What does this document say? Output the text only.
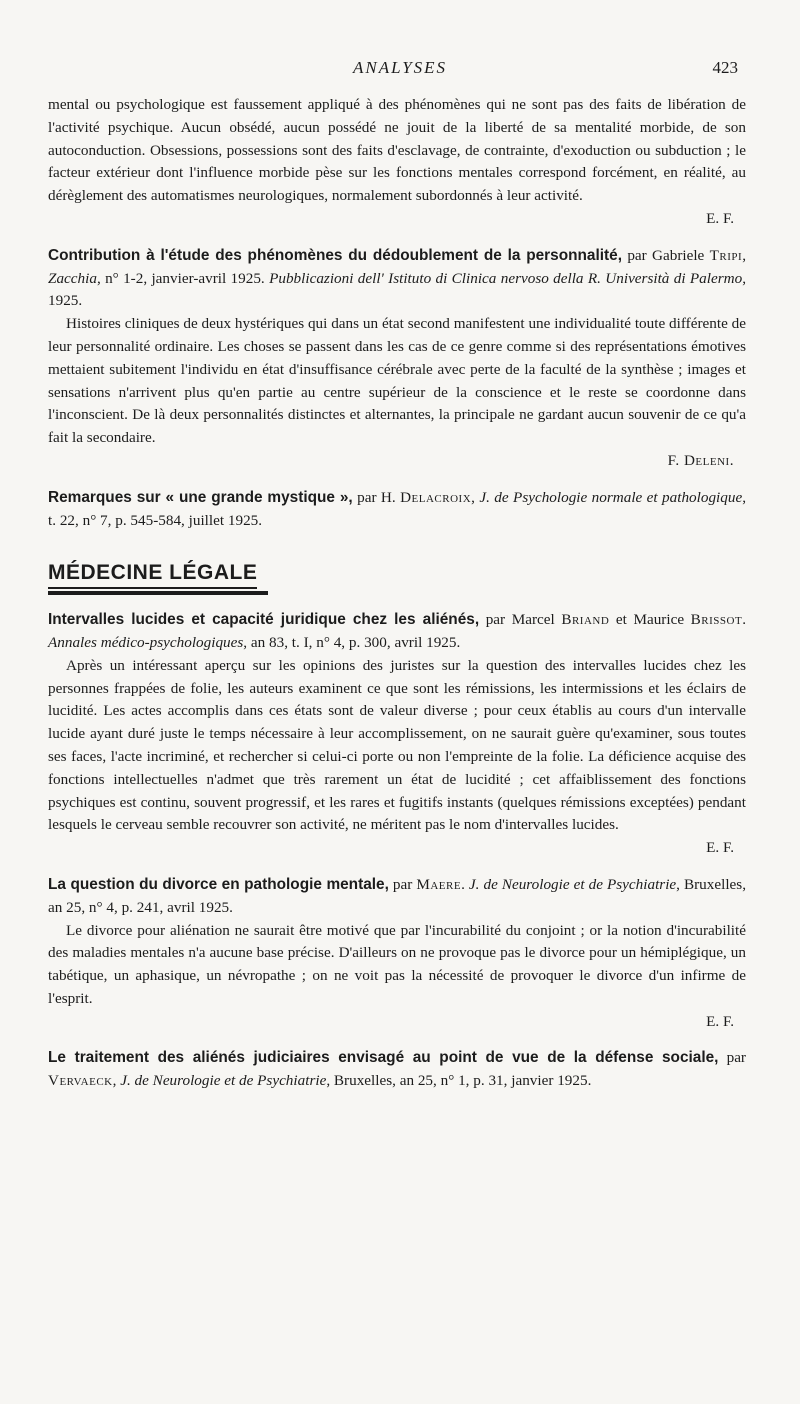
ANALYSES	423

mental ou psychologique est faussement appliqué à des phénomènes qui ne sont pas des faits de libération de l'activité psychique. Aucun obsédé, aucun possédé ne jouit de la liberté de sa mentalité morbide, de son autoconduction. Obsessions, possessions sont des faits d'esclavage, de contrainte, d'exoduction ou subduction ; le facteur extérieur dont l'influence morbide pèse sur les fonctions mentales correspond forcément, en réalité, au dérèglement des automatismes neurologiques, normalement subordonnés à leur activité.

E. F.

Contribution à l'étude des phénomènes du dédoublement de la personnalité, par Gabriele Tripi, Zacchia, n° 1-2, janvier-avril 1925. Pubblicazioni dell' Istituto di Clinica nervoso della R. Università di Palermo, 1925.

Histoires cliniques de deux hystériques qui dans un état second manifestent une individualité toute différente de leur personnalité ordinaire. Les choses se passent dans les cas de ce genre comme si des représentations émotives mettaient subitement l'individu en état d'insuffisance cérébrale avec perte de la faculté de la synthèse ; images et sensations n'arrivent plus qu'en partie au centre supérieur de la conscience et le reste se coordonne dans l'inconscient. De là deux personnalités distinctes et alternantes, la principale ne gardant aucun souvenir de ce qu'a fait la secondaire.

F. Deleni.

Remarques sur « une grande mystique », par H. Delacroix, J. de Psychologie normale et pathologique, t. 22, n° 7, p. 545-584, juillet 1925.

MÉDECINE LÉGALE

Intervalles lucides et capacité juridique chez les aliénés, par Marcel Briand et Maurice Brissot. Annales médico-psychologiques, an 83, t. I, n° 4, p. 300, avril 1925.

Après un intéressant aperçu sur les opinions des juristes sur la question des intervalles lucides chez les personnes frappées de folie, les auteurs examinent ce que sont les rémissions, les intermissions et les éclairs de lucidité. Les actes accomplis dans ces états sont de valeur diverse ; pour ceux établis au cours d'un intervalle lucide ayant duré juste le temps nécessaire à leur accomplissement, on ne saurait guère qu'examiner, sous toutes ses faces, l'acte incriminé, et rechercher si celui-ci porte ou non l'empreinte de la folie. La déficience acquise des fonctions intellectuelles n'admet que très rarement un état de lucidité ; cet affaiblissement des fonctions psychiques est continu, souvent progressif, et les rares et fugitifs instants (quelques rémissions exceptées) pendant lesquels le cerveau semble recouvrer son activité, ne méritent pas le nom d'intervalles lucides.

E. F.

La question du divorce en pathologie mentale, par Maere. J. de Neurologie et de Psychiatrie, Bruxelles, an 25, n° 4, p. 241, avril 1925.

Le divorce pour aliénation ne saurait être motivé que par l'incurabilité du conjoint ; or la notion d'incurabilité des maladies mentales n'a aucune base précise. D'ailleurs on ne provoque pas le divorce pour un hémiplégique, un tabétique, un aphasique, un névropathe ; on ne voit pas la nécessité de provoquer le divorce d'un infirme de l'esprit.

E. F.

Le traitement des aliénés judiciaires envisagé au point de vue de la défense sociale, par Vervaeck, J. de Neurologie et de Psychiatrie, Bruxelles, an 25, n° 1, p. 31, janvier 1925.
